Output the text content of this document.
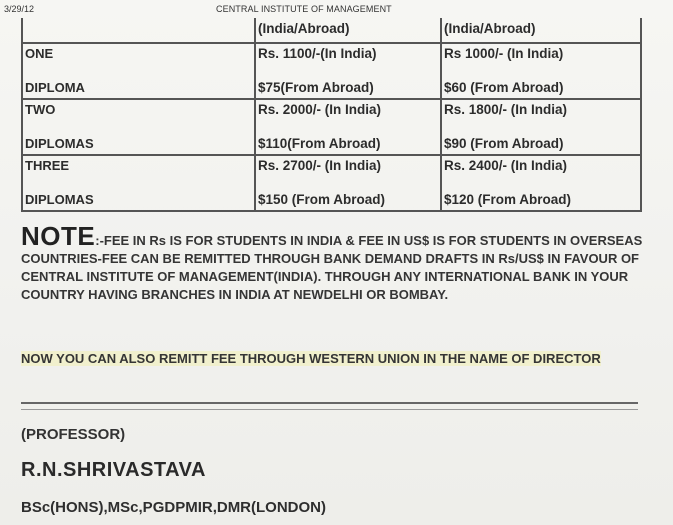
3/29/12	CENTRAL INSTITUTE OF MANAGEMENT
(India/Abroad)	(India/Abroad)
ONE
DIPLOMA
Rs. 1100/-(In India)
$75(From Abroad)
Rs 1000/- (In India)
$60 (From Abroad)
TWO
DIPLOMAS
Rs. 2000/- (In India)
$110(From Abroad)
Rs. 1800/- (In India)
$90 (From Abroad)
THREE
DIPLOMAS
Rs. 2700/- (In India)
$150 (From Abroad)
Rs. 2400/- (In India)
$120 (From Abroad)
NOTE:-FEE IN Rs IS FOR STUDENTS IN INDIA & FEE IN US$ IS FOR STUDENTS IN OVERSEAS COUNTRIES-FEE CAN BE REMITTED THROUGH BANK DEMAND DRAFTS IN Rs/US$ IN FAVOUR OF CENTRAL INSTITUTE OF MANAGEMENT(INDIA). THROUGH ANY INTERNATIONAL BANK IN YOUR COUNTRY HAVING BRANCHES IN INDIA AT NEWDELHI OR BOMBAY.
NOW YOU CAN ALSO REMITT FEE THROUGH WESTERN UNION IN THE NAME OF DIRECTOR
(PROFESSOR)
R.N.SHRIVASTAVA
BSc(HONS),MSc,PGDPMIR,DMR(LONDON)
